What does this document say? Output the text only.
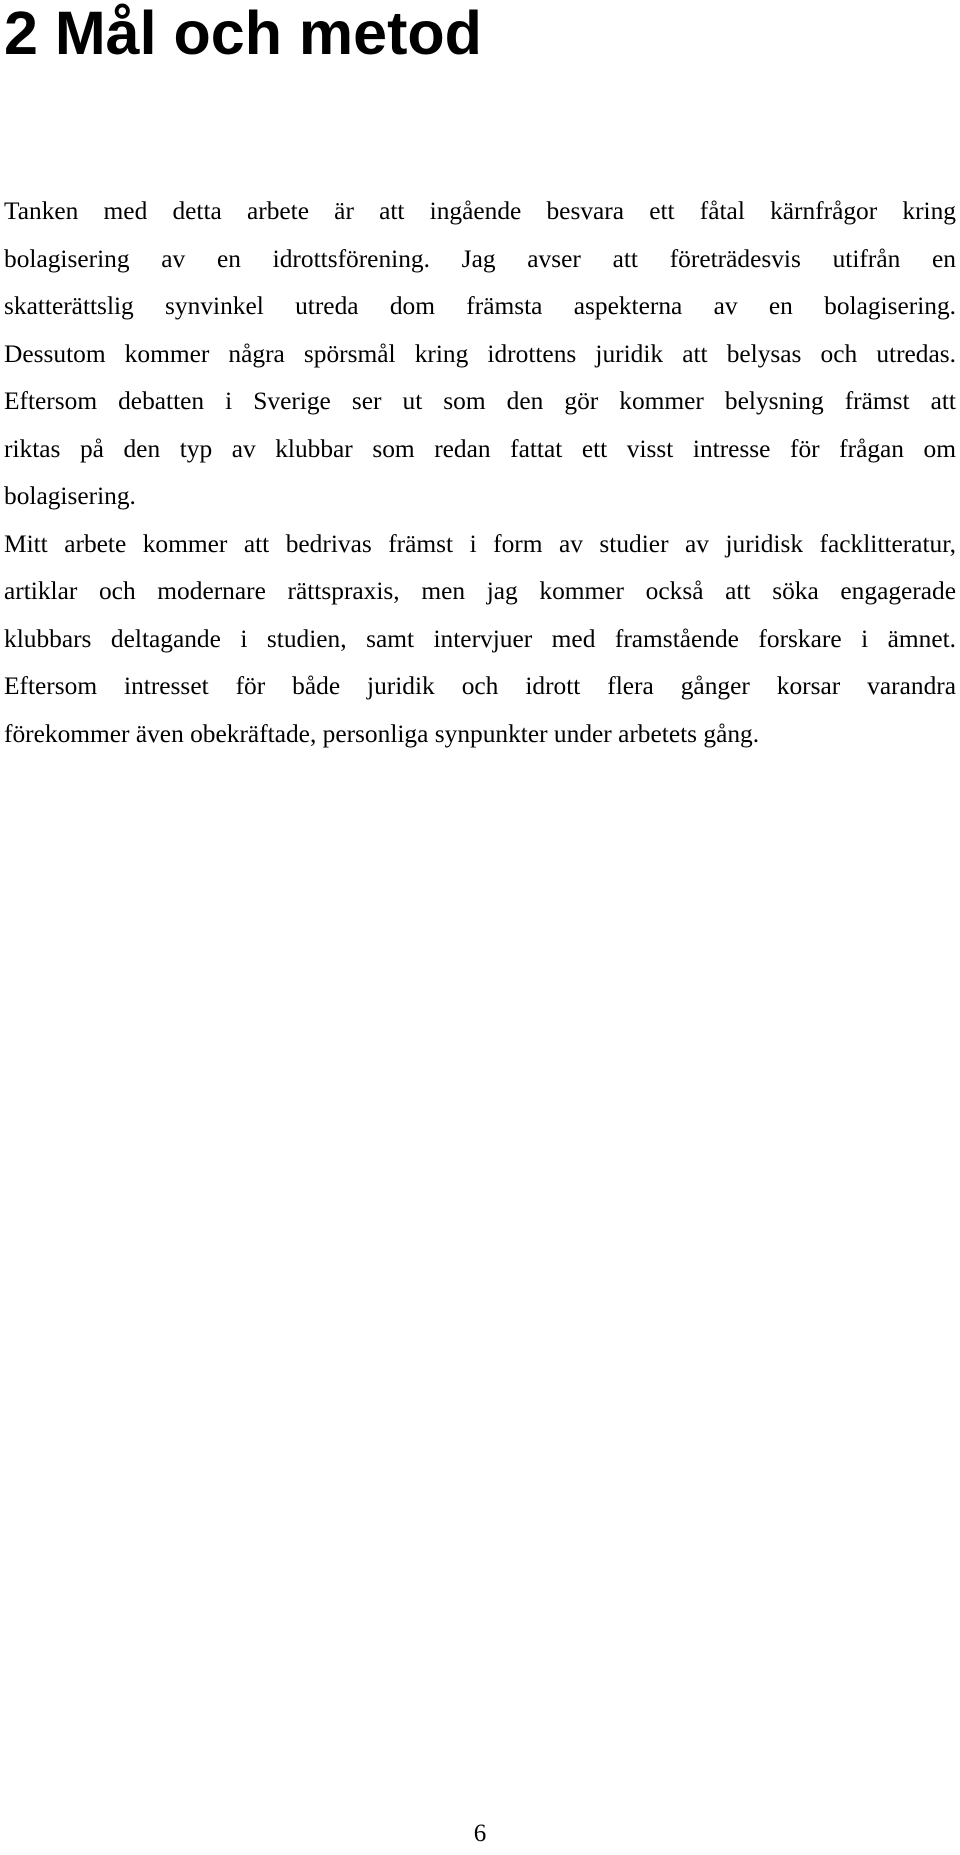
2 Mål och metod

Tanken med detta arbete är att ingående besvara ett fåtal kärnfrågor kring
bolagisering av en idrottsförening. Jag avser att företrädesvis utifrån en
skatterättslig synvinkel utreda dom främsta aspekterna av en bolagisering.
Dessutom kommer några spörsmål kring idrottens juridik att belysas och utredas.
Eftersom debatten i Sverige ser ut som den gör kommer belysning främst att
riktas på den typ av klubbar som redan fattat ett visst intresse för frågan om
bolagisering.

Mitt arbete kommer att bedrivas främst i form av studier av juridisk facklitteratur,
artiklar och modernare rättspraxis, men jag kommer också att söka engagerade
klubbars deltagande i studien, samt intervjuer med framstående forskare i ämnet.
Eftersom intresset för både juridik och idrott flera gånger korsar varandra
förekommer även obekräftade, personliga synpunkter under arbetets gång.

6
